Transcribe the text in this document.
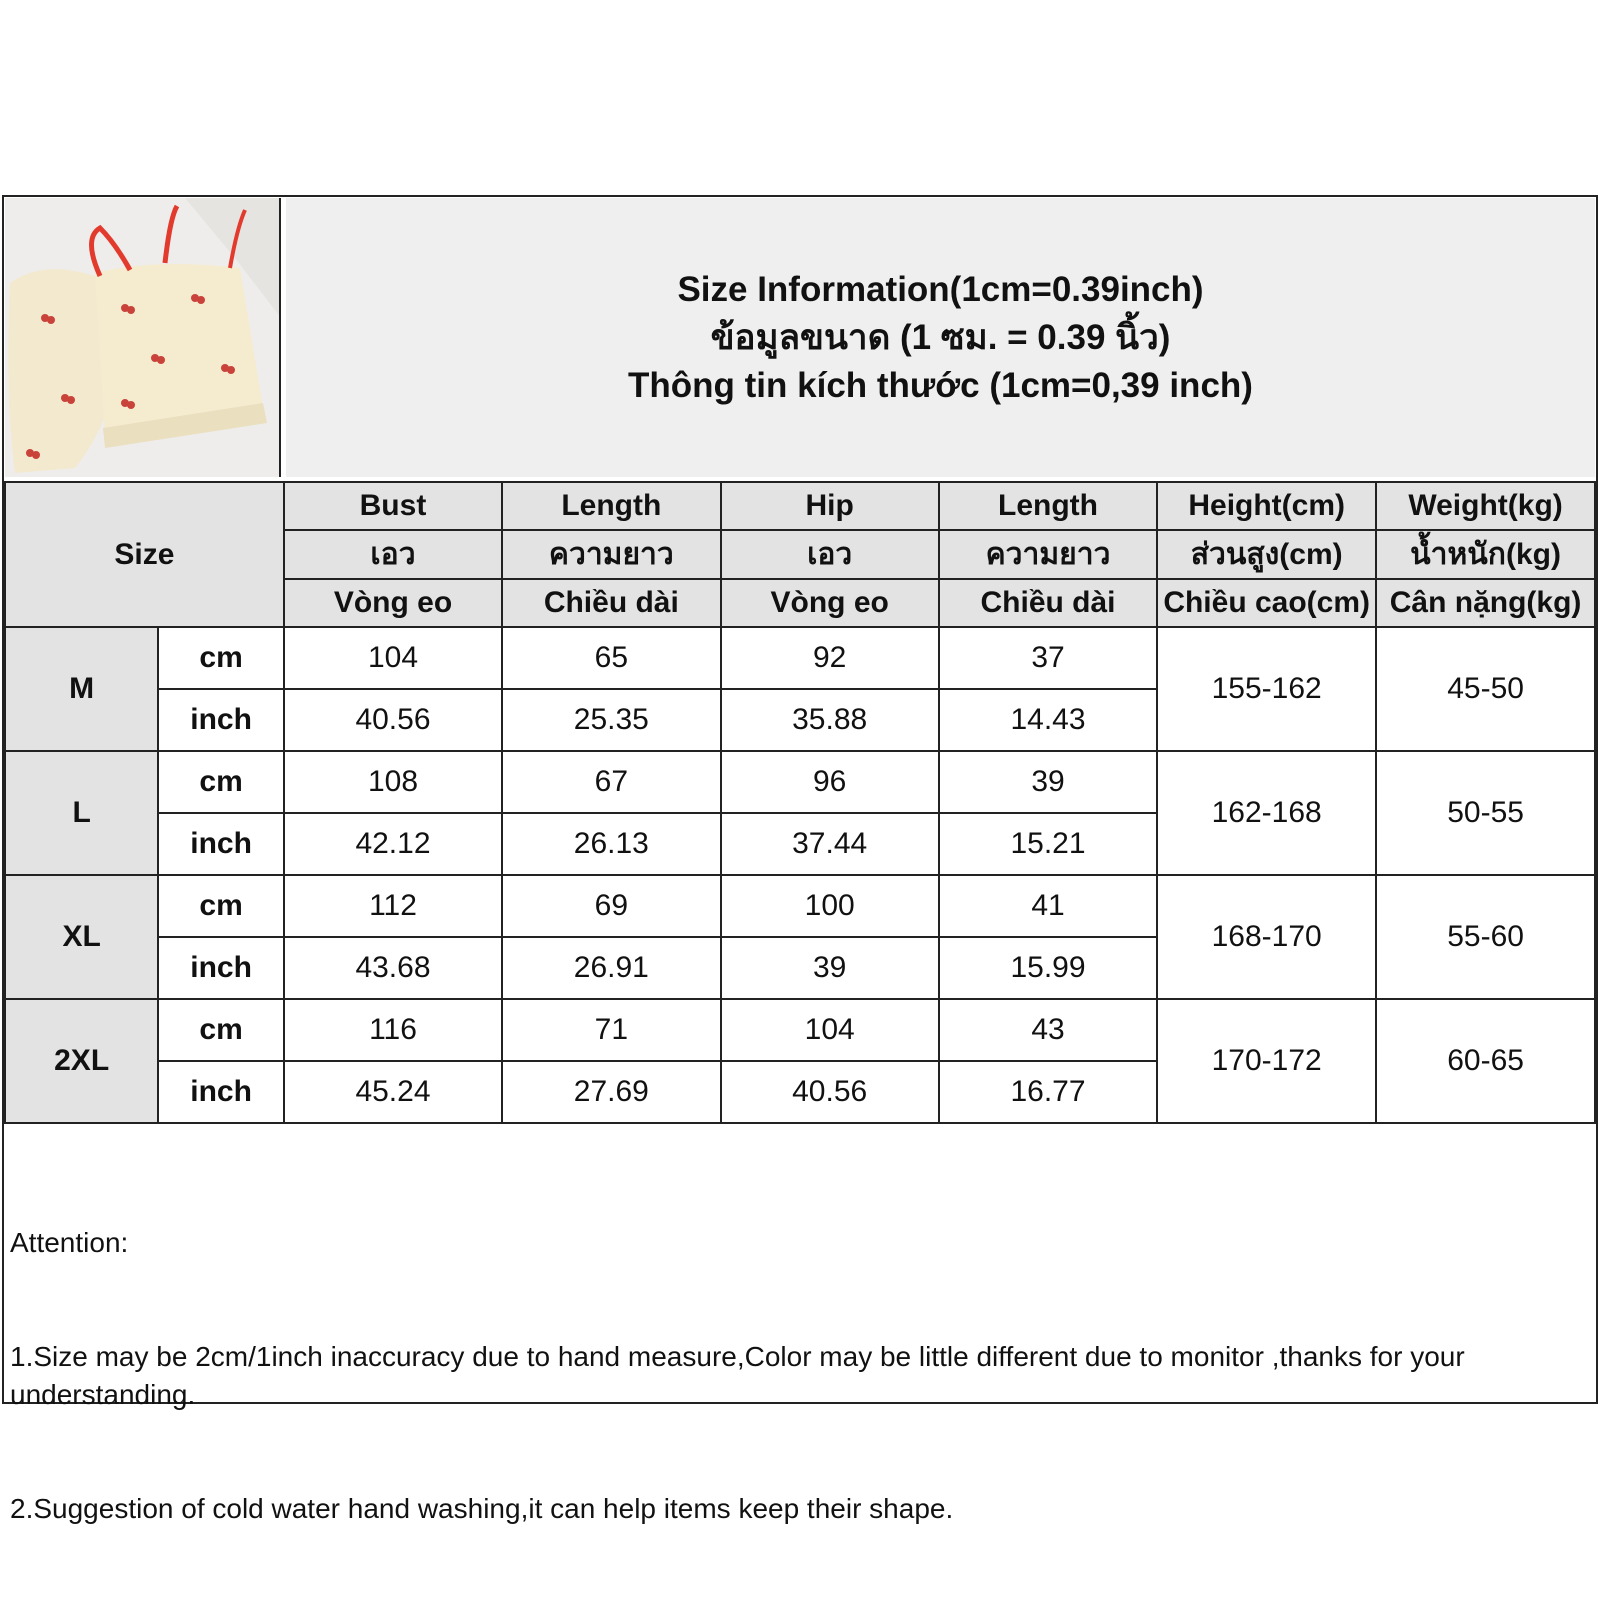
Size Information(1cm=0.39inch)
ข้อมูลขนาด (1 ซม. = 0.39 นิ้ว)
Thông tin kích thước (1cm=0,39 inch)
Size		Bust	Length	Hip	Length	Height(cm)	Weight(kg)
		เอว	ความยาว	เอว	ความยาว	ส่วนสูง(cm)	น้ำหนัก(kg)
		Vòng eo	Chiều dài	Vòng eo	Chiều dài	Chiều cao(cm)	Cân nặng(kg)
M	cm	104	65	92	37	155-162	45-50
	inch	40.56	25.35	35.88	14.43		
L	cm	108	67	96	39	162-168	50-55
	inch	42.12	26.13	37.44	15.21		
XL	cm	112	69	100	41	168-170	55-60
	inch	43.68	26.91	39	15.99		
2XL	cm	116	71	104	43	170-172	60-65
	inch	45.24	27.69	40.56	16.77		

Attention:

1.Size may be 2cm/1inch inaccuracy due to hand measure,Color may be little different due to monitor ,thanks for your understanding.

2.Suggestion of cold water hand washing,it can help items keep their shape.
